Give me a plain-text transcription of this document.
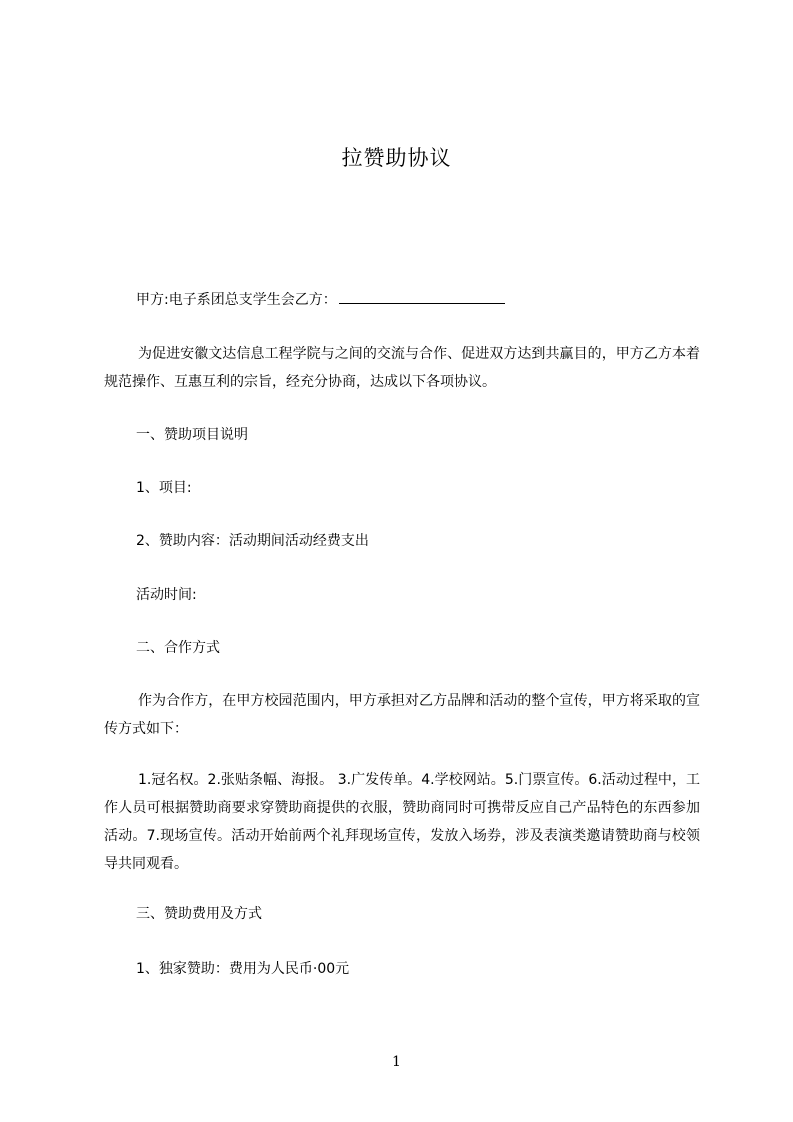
拉赞助协议
甲方:电子系团总支学生会乙方：
为促进安徽文达信息工程学院与之间的交流与合作、促进双方达到共赢目的，甲方乙方本着规范操作、互惠互利的宗旨，经充分协商，达成以下各项协议。
一、赞助项目说明
1、项目:
2、赞助内容：活动期间活动经费支出
活动时间:
二、合作方式
作为合作方，在甲方校园范围内，甲方承担对乙方品牌和活动的整个宣传，甲方将采取的宣传方式如下：
1.冠名权。2.张贴条幅、海报。 3.广发传单。4.学校网站。5.门票宣传。6.活动过程中，工作人员可根据赞助商要求穿赞助商提供的衣服，赞助商同时可携带反应自己产品特色的东西参加活动。7.现场宣传。活动开始前两个礼拜现场宣传，发放入场券，涉及表演类邀请赞助商与校领导共同观看。
三、赞助费用及方式
1、独家赞助：费用为人民币·00元
1
